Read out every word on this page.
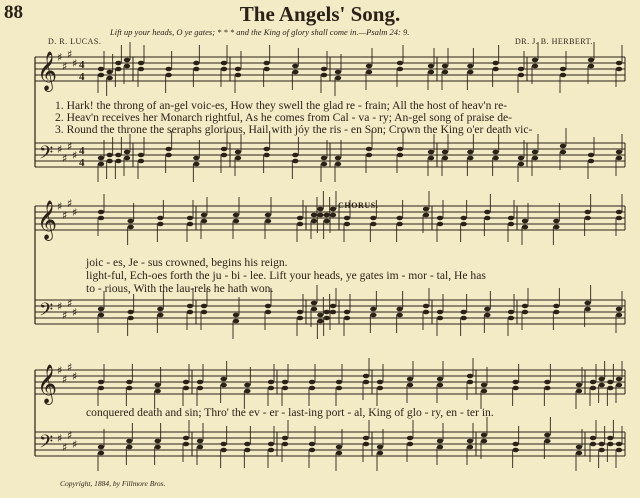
𝄞
𝄢
♯
♯
♯
♯
♯
♯
♯
♯
4
4
4
4
𝄞
𝄢
♯
♯
♯
♯
♯
♯
♯
♯
𝄞
𝄢
♯
♯
♯
♯
♯
♯
♯
♯
88	The Angels' Song.
Lift up your heads, O ye gates; * * * and the King of glory shall come in.—Psalm 24: 9.
D. R. LUCAS.	DR. J. B. HERBERT.
1. Hark! the throng of an-gel voic-es, How they swell the glad re - frain; All the host of heav'n re-
2. Heav'n receives her Monarch rightful, As he comes from Cal - va - ry; An-gel song of praise de-
3. Round the throne the seraphs glorious, Hail with jóy the ris - en Son; Crown the King o'er death vic-
CHORUS.
joic - es, Je - sus crowned, begins his reign.
light-ful, Ech-oes forth the ju - bi - lee. Lift your heads, ye gates im - mor - tal, He has
to - rious, With the lau-rels he hath won.
conquered death and sin; Thro' the ev - er - last-ing port - al, King of glo - ry, en - ter in.
Copyright, 1884, by Fillmore Bros.
